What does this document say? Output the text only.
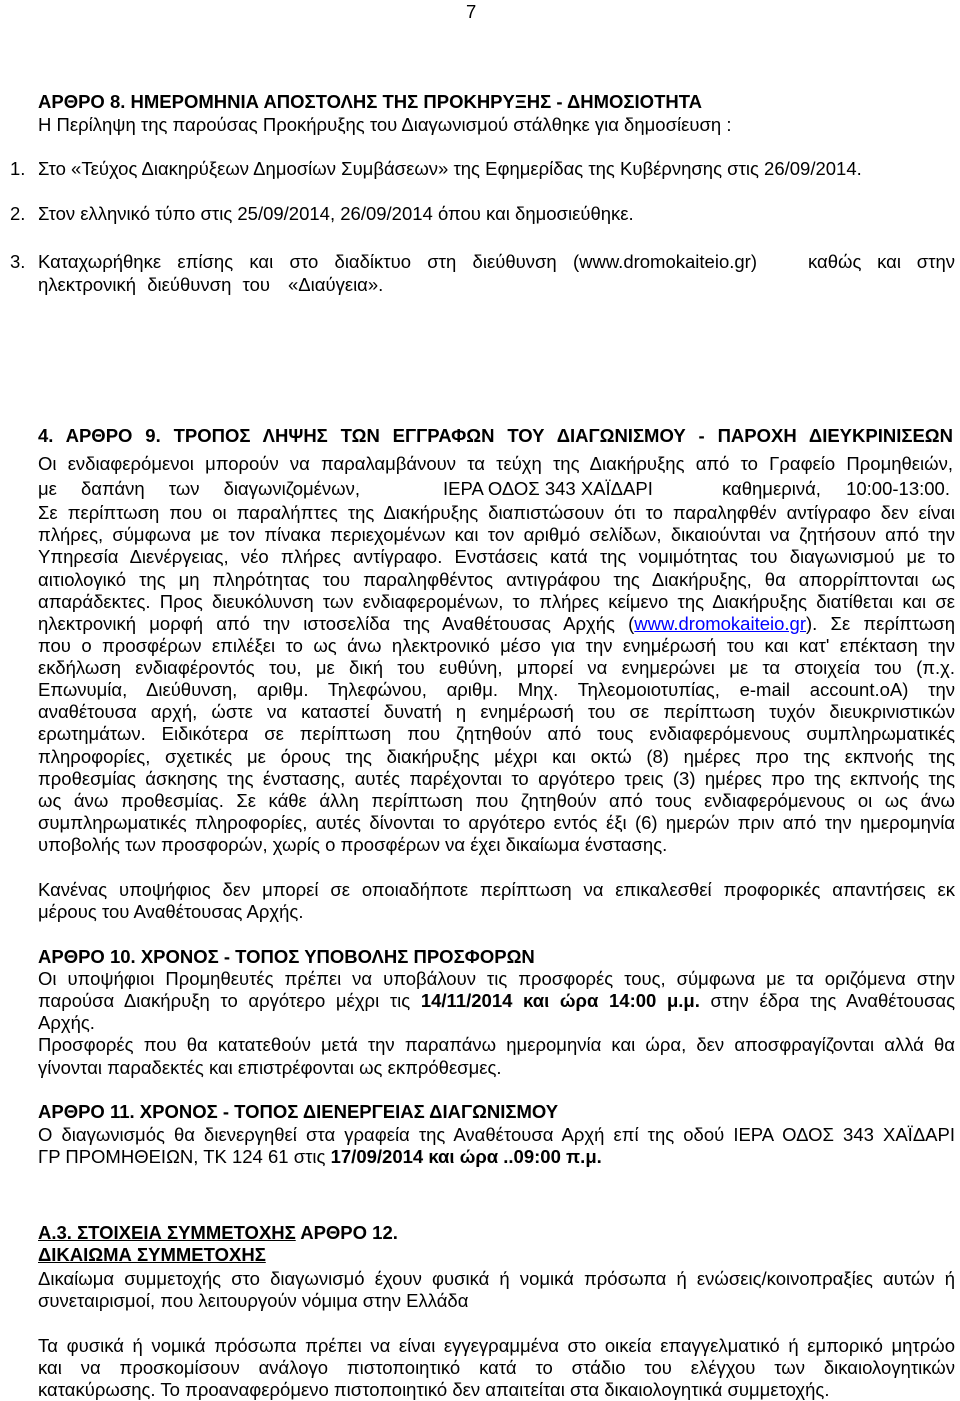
7
ΑΡΘΡΟ 8. ΗΜΕΡΟΜΗΝΙΑ ΑΠΟΣΤΟΛΗΣ ΤΗΣ ΠΡΟΚΗΡΥΞΗΣ - ΔΗΜΟΣΙΟΤΗΤΑ
Η Περίληψη της παρούσας Προκήρυξης του Διαγωνισμού στάλθηκε για δημοσίευση :
1. Στο «Τεύχος Διακηρύξεων Δημοσίων Συμβάσεων» της Εφημερίδας της Κυβέρνησης στις 26/09/2014.
2. Στον ελληνικό τύπο στις 25/09/2014, 26/09/2014 όπου και δημοσιεύθηκε.
3. Καταχωρήθηκε επίσης και στο διαδίκτυο στη διεύθυνση (www.dromokaiteio.gr)	καθώς και στην
ηλεκτρονική διεύθυνση του «Διαύγεια».
4. ΑΡΘΡΟ 9. ΤΡΟΠΟΣ ΛΗΨΗΣ ΤΩΝ ΕΓΓΡΑΦΩΝ ΤΟΥ ΔΙΑΓΩΝΙΣΜΟΥ - ΠΑΡΟΧΗ ΔΙΕΥΚΡΙΝΙΣΕΩΝ
Οι ενδιαφερόμενοι μπορούν να παραλαμβάνουν τα τεύχη της Διακήρυξης από το Γραφείο Προμηθειών,
με δαπάνη των διαγωνιζομένων,	ΙΕΡΑ ΟΔΟΣ 343 ΧΑΪΔΑΡΙ	καθημερινά, 10:00-13:00.
Σε περίπτωση που οι παραλήπτες της Διακήρυξης διαπιστώσουν ότι το παραληφθέν αντίγραφο δεν είναι
πλήρες, σύμφωνα με τον πίνακα περιεχομένων και τον αριθμό σελίδων, δικαιούνται να ζητήσουν από την
Υπηρεσία Διενέργειας, νέο πλήρες αντίγραφο. Ενστάσεις κατά της νομιμότητας του διαγωνισμού με το
αιτιολογικό της μη πληρότητας του παραληφθέντος αντιγράφου της Διακήρυξης, θα απορρίπτονται ως
απαράδεκτες. Προς διευκόλυνση των ενδιαφερομένων, το πλήρες κείμενο της Διακήρυξης διατίθεται και σε
ηλεκτρονική μορφή από την ιστοσελίδα της Αναθέτουσας Αρχής (www.dromokaiteio.gr). Σε περίπτωση
που ο προσφέρων επιλέξει το ως άνω ηλεκτρονικό μέσο για την ενημέρωσή του και κατ' επέκταση την
εκδήλωση ενδιαφέροντός του, με δική του ευθύνη, μπορεί να ενημερώνει με τα στοιχεία του (π.χ.
Επωνυμία, Διεύθυνση, αριθμ. Τηλεφώνου, αριθμ. Μηχ. Τηλεομοιοτυπίας, e-mail account.oA) την
αναθέτουσα αρχή, ώστε να καταστεί δυνατή η ενημέρωσή του σε περίπτωση τυχόν διευκρινιστικών
ερωτημάτων. Ειδικότερα σε περίπτωση που ζητηθούν από τους ενδιαφερόμενους συμπληρωματικές
πληροφορίες, σχετικές με όρους της διακήρυξης μέχρι και οκτώ (8) ημέρες προ της εκπνοής της
προθεσμίας άσκησης της ένστασης, αυτές παρέχονται το αργότερο τρεις (3) ημέρες προ της εκπνοής της
ως άνω προθεσμίας. Σε κάθε άλλη περίπτωση που ζητηθούν από τους ενδιαφερόμενους οι ως άνω
συμπληρωματικές πληροφορίες, αυτές δίνονται το αργότερο εντός έξι (6) ημερών πριν από την ημερομηνία
υποβολής των προσφορών, χωρίς ο προσφέρων να έχει δικαίωμα ένστασης.
Κανένας υποψήφιος δεν μπορεί σε οποιαδήποτε περίπτωση να επικαλεσθεί προφορικές απαντήσεις εκ
μέρους του Αναθέτουσας Αρχής.
ΑΡΘΡΟ 10. ΧΡΟΝΟΣ - ΤΟΠΟΣ ΥΠΟΒΟΛΗΣ ΠΡΟΣΦΟΡΩΝ
Οι υποψήφιοι Προμηθευτές πρέπει να υποβάλουν τις προσφορές τους, σύμφωνα με τα οριζόμενα στην
παρούσα Διακήρυξη το αργότερο μέχρι τις 14/11/2014 και ώρα 14:00 μ.μ. στην έδρα της Αναθέτουσας
Αρχής.
Προσφορές που θα κατατεθούν μετά την παραπάνω ημερομηνία και ώρα, δεν αποσφραγίζονται αλλά θα
γίνονται παραδεκτές και επιστρέφονται ως εκπρόθεσμες.
ΑΡΘΡΟ 11. ΧΡΟΝΟΣ - ΤΟΠΟΣ ΔΙΕΝΕΡΓΕΙΑΣ ΔΙΑΓΩΝΙΣΜΟΥ
Ο διαγωνισμός θα διενεργηθεί στα γραφεία της Αναθέτουσα Αρχή επί της οδού ΙΕΡΑ ΟΔΟΣ 343 ΧΑΪΔΑΡΙ
ΓΡ ΠΡΟΜΗΘΕΙΩΝ, ΤΚ 124 61 στις 17/09/2014 και ώρα ..09:00 π.μ.
Α.3. ΣΤΟΙΧΕΙΑ ΣΥΜΜΕΤΟΧΗΣ ΑΡΘΡΟ 12.
ΔΙΚΑΙΩΜΑ ΣΥΜΜΕΤΟΧΗΣ
Δικαίωμα συμμετοχής στο διαγωνισμό έχουν φυσικά ή νομικά πρόσωπα ή ενώσεις/κοινοπραξίες αυτών ή
συνεταιρισμοί, που λειτουργούν νόμιμα στην Ελλάδα
Τα φυσικά ή νομικά πρόσωπα πρέπει να είναι εγγεγραμμένα στο οικεία επαγγελματικό ή εμπορικό μητρώο
και να προσκομίσουν ανάλογο πιστοποιητικό κατά το στάδιο του ελέγχου των δικαιολογητικών
κατακύρωσης. Το προαναφερόμενο πιστοποιητικό δεν απαιτείται στα δικαιολογητικά συμμετοχής.
